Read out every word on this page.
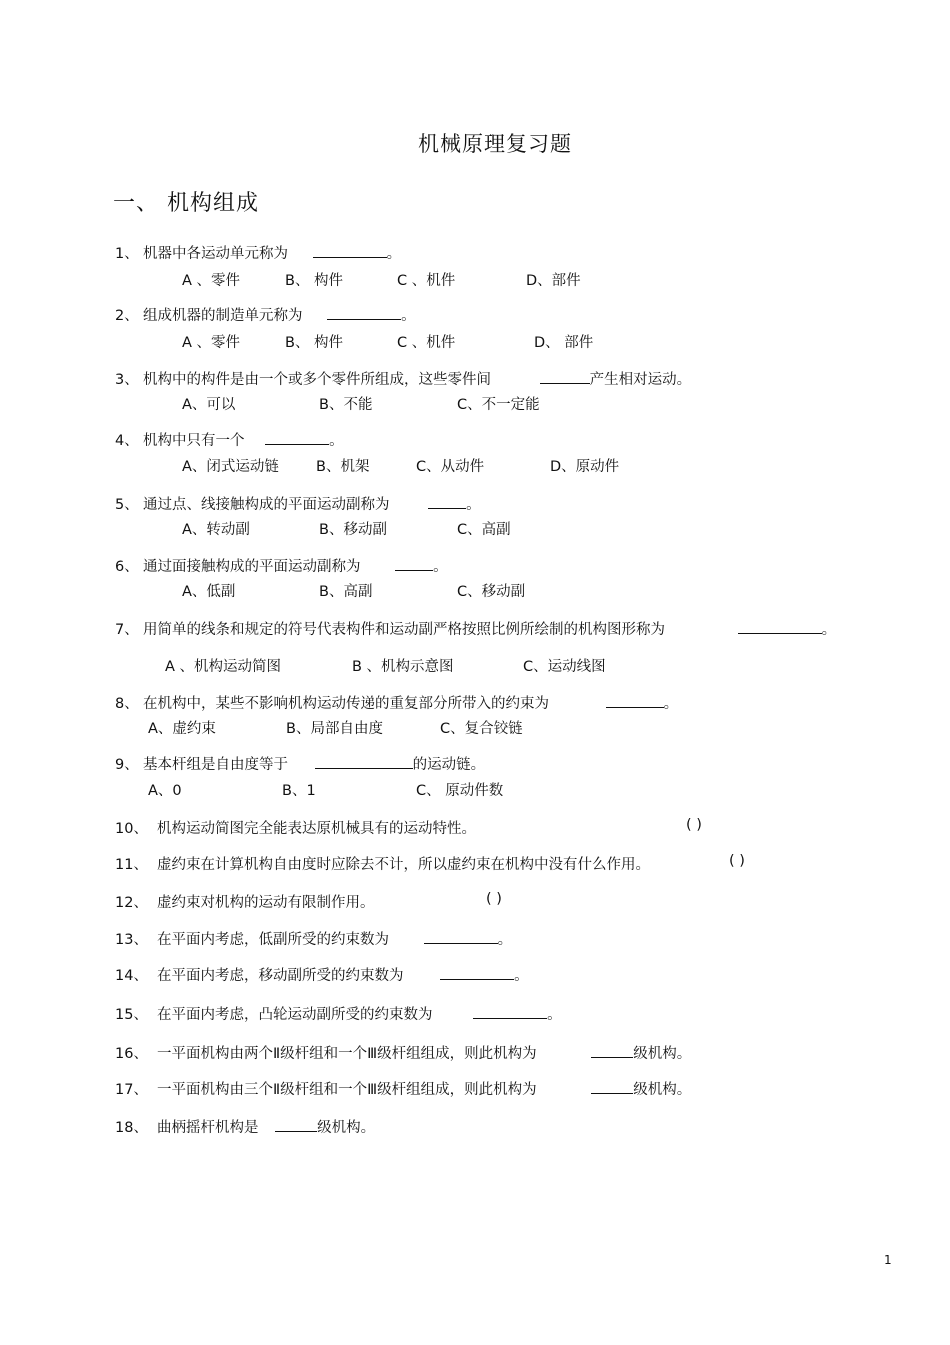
机械原理复习题
一、 机构组成
1、 机器中各运动单元称为	。
A 、零件	B、 构件	C 、机件	D、部件
2、 组成机器的制造单元称为	。
A 、零件	B、 构件	C 、机件	D、 部件
3、 机构中的构件是由一个或多个零件所组成，这些零件间	产生相对运动。
A、可以	B、不能	C、不一定能
4、 机构中只有一个	。
A、闭式运动链	B、机架	C、从动件	D、原动件
5、 通过点、线接触构成的平面运动副称为	。
A、转动副	B、移动副	C、高副
6、 通过面接触构成的平面运动副称为	。
A、低副	B、高副	C、移动副
7、 用简单的线条和规定的符号代表构件和运动副严格按照比例所绘制的机构图形称为	。
A 、机构运动简图	B 、机构示意图	C、运动线图
8、 在机构中，某些不影响机构运动传递的重复部分所带入的约束为	。
A、虚约束	B、局部自由度	C、复合铰链
9、 基本杆组是自由度等于	的运动链。
A、0	B、1	C、 原动件数
10、 机构运动简图完全能表达原机械具有的运动特性。	( )
11、 虚约束在计算机构自由度时应除去不计，所以虚约束在机构中没有什么作用。	( )
12、 虚约束对机构的运动有限制作用。	( )
13、 在平面内考虑，低副所受的约束数为	。
14、 在平面内考虑，移动副所受的约束数为	。
15、 在平面内考虑，凸轮运动副所受的约束数为	。
16、 一平面机构由两个Ⅱ级杆组和一个Ⅲ级杆组组成，则此机构为	级机构。
17、 一平面机构由三个Ⅱ级杆组和一个Ⅲ级杆组组成，则此机构为	级机构。
18、 曲柄摇杆机构是	级机构。
1
